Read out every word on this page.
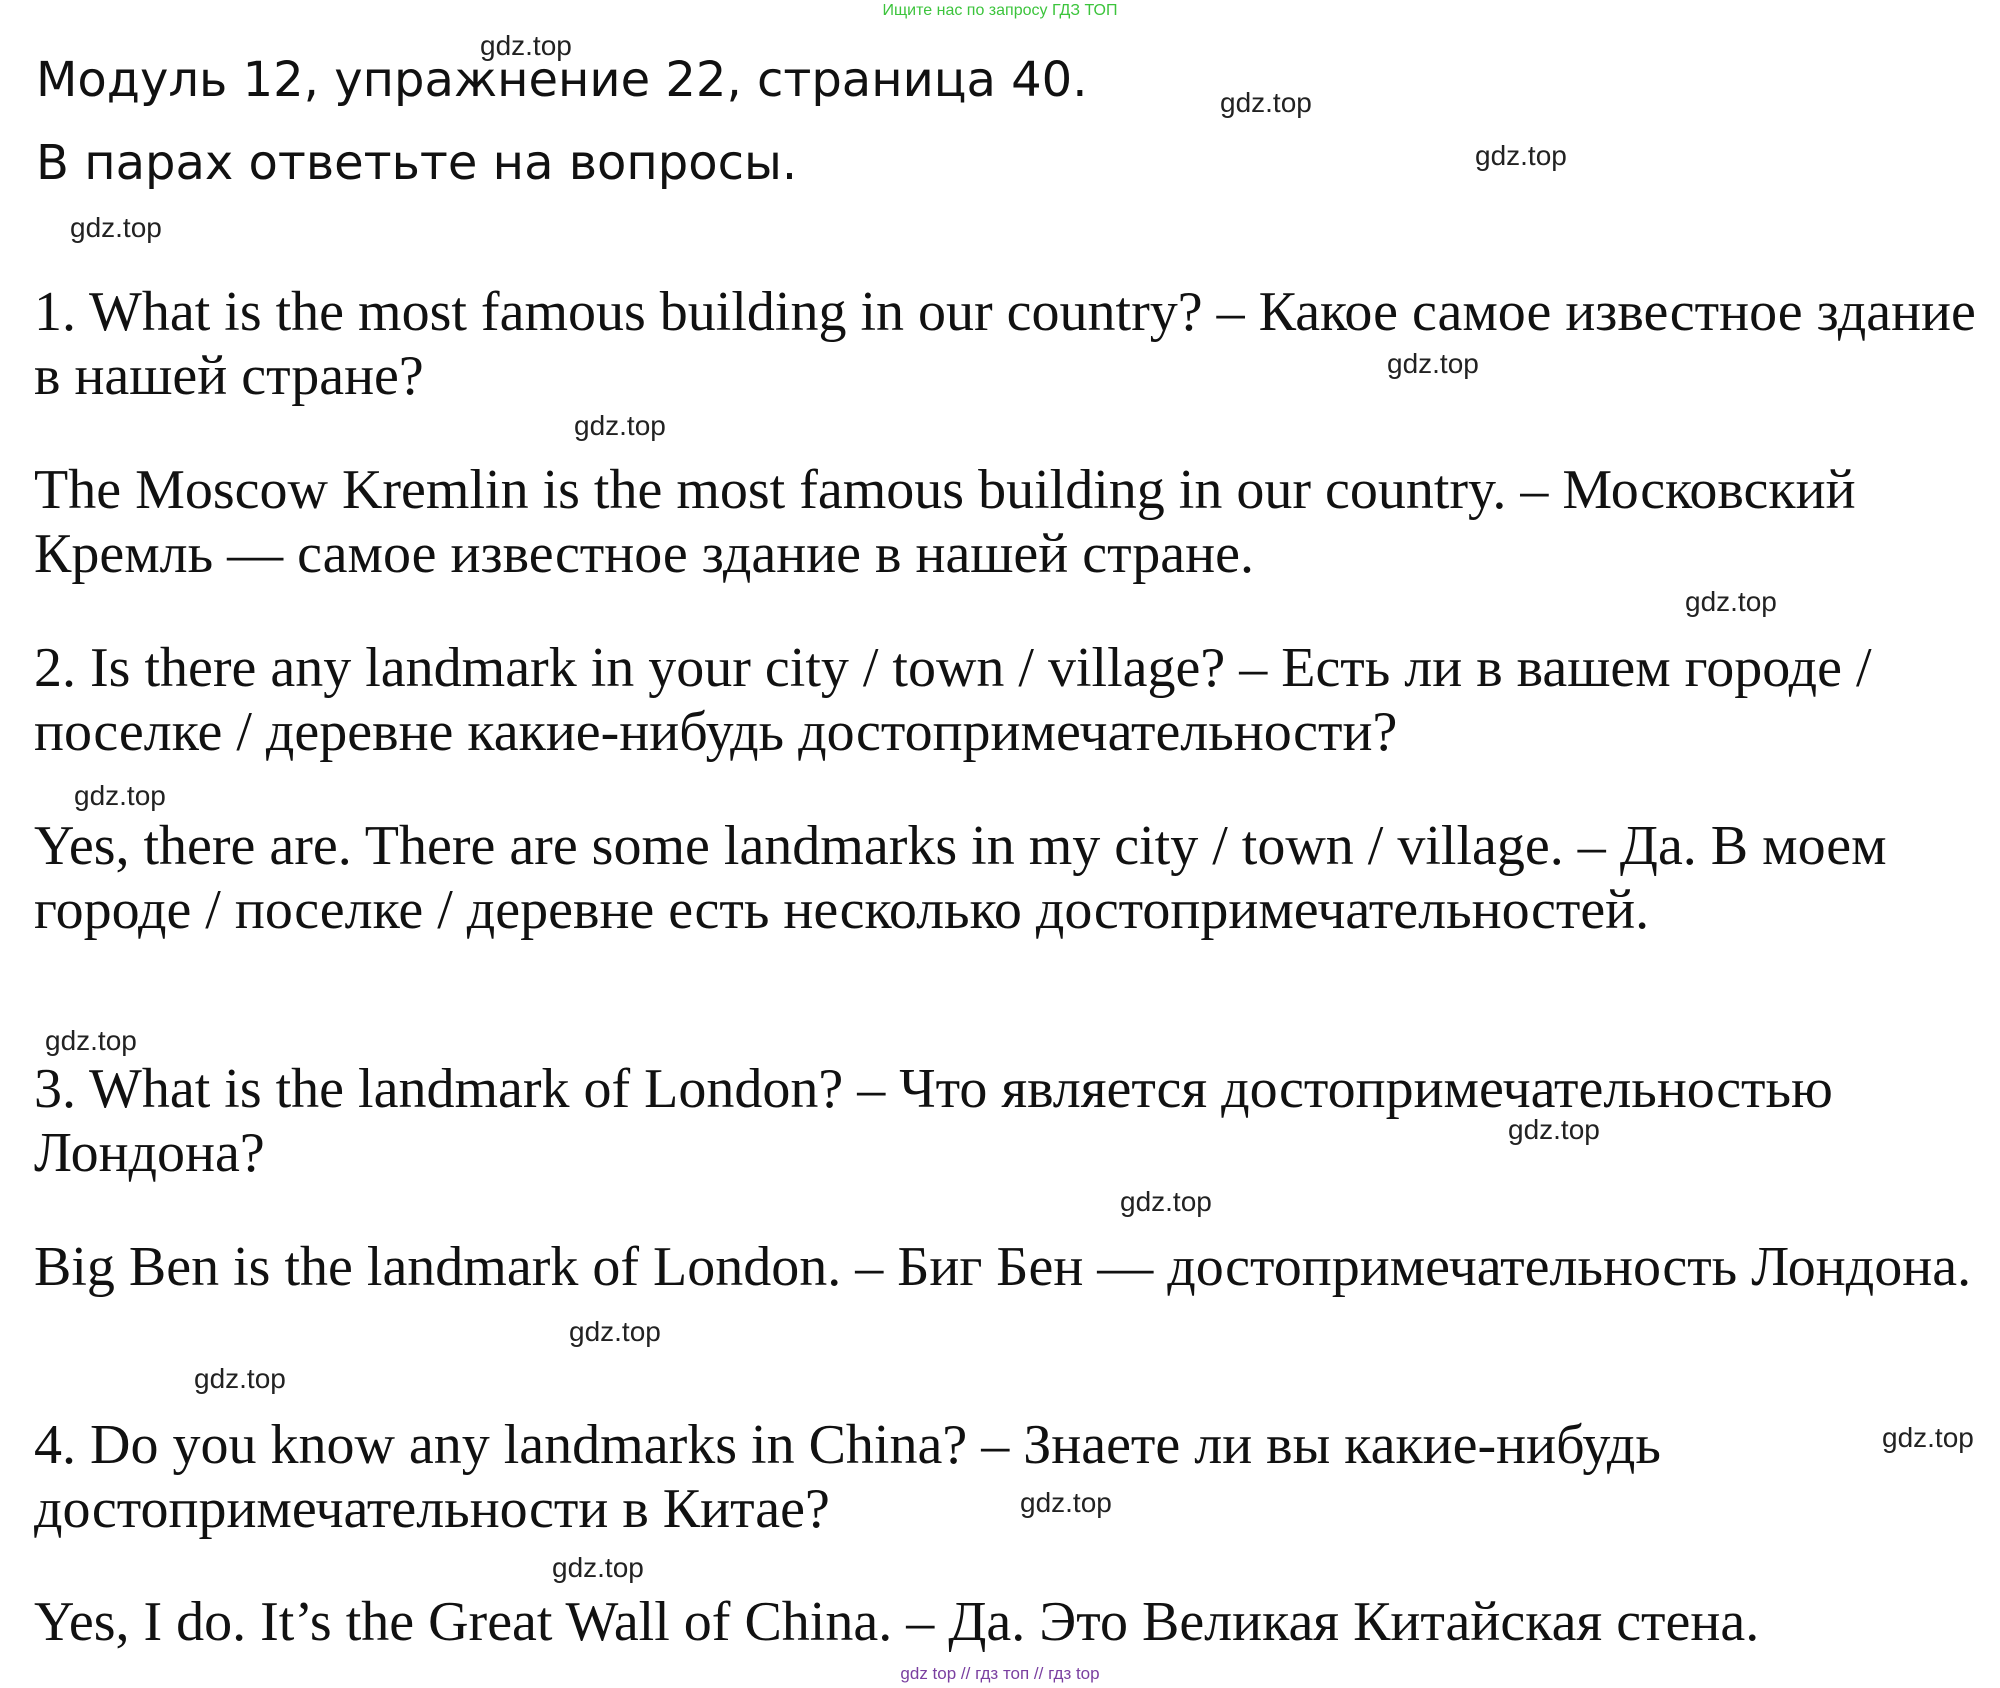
Ищите нас по запросу ГДЗ ТОП
Модуль 12, упражнение 22, страница 40.
В парах ответьте на вопросы.

1. What is the most famous building in our country? – Какое самое известное здание в нашей стране?

The Moscow Kremlin is the most famous building in our country. – Московский Кремль — самое известное здание в нашей стране.

2. Is there any landmark in your city / town / village? – Есть ли в вашем городе / поселке / деревне какие-нибудь достопримечательности?

Yes, there are. There are some landmarks in my city / town / village. – Да. В моем городе / поселке / деревне есть несколько достопримечательностей.

3. What is the landmark of London? – Что является достопримечательностью Лондона?

Big Ben is the landmark of London. – Биг Бен — достопримечательность Лондона.

4. Do you know any landmarks in China? – Знаете ли вы какие-нибудь достопримечательности в Китае?

Yes, I do. It’s the Great Wall of China. – Да. Это Великая Китайская стена.

gdz.top
gdz.top
gdz.top
gdz.top
gdz.top
gdz.top
gdz.top
gdz.top
gdz.top
gdz.top
gdz.top
gdz.top
gdz.top
gdz.top
gdz.top
gdz.top
gdz top // гдз топ // гдз top
